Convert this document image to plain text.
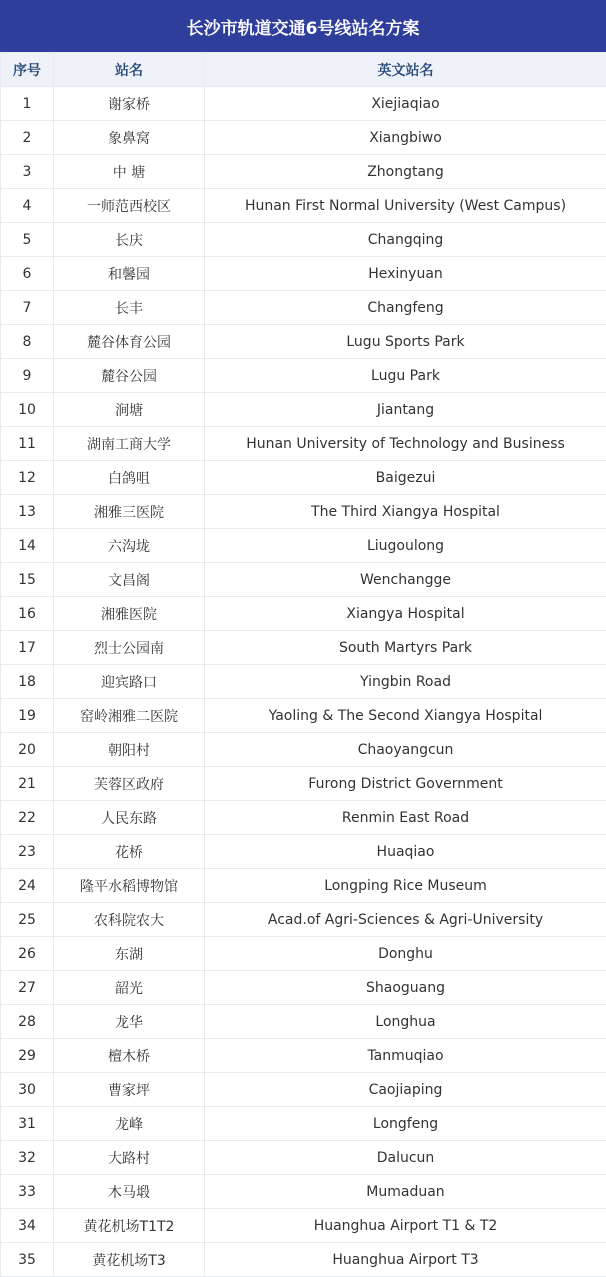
长沙市轨道交通6号线站名方案
序号	站名	英文站名
1	谢家桥	Xiejiaqiao
2	象鼻窝	Xiangbiwo
3	中 塘	Zhongtang
4	一师范西校区	Hunan First Normal University (West Campus)
5	长庆	Changqing
6	和馨园	Hexinyuan
7	长丰	Changfeng
8	麓谷体育公园	Lugu Sports Park
9	麓谷公园	Lugu Park
10	涧塘	Jiantang
11	湖南工商大学	Hunan University of Technology and Business
12	白鸽咀	Baigezui
13	湘雅三医院	The Third Xiangya Hospital
14	六沟垅	Liugoulong
15	文昌阁	Wenchangge
16	湘雅医院	Xiangya Hospital
17	烈士公园南	South Martyrs Park
18	迎宾路口	Yingbin Road
19	窑岭湘雅二医院	Yaoling & The Second Xiangya Hospital
20	朝阳村	Chaoyangcun
21	芙蓉区政府	Furong District Government
22	人民东路	Renmin East Road
23	花桥	Huaqiao
24	隆平水稻博物馆	Longping Rice Museum
25	农科院农大	Acad.of Agri-Sciences & Agri-University
26	东湖	Donghu
27	韶光	Shaoguang
28	龙华	Longhua
29	檀木桥	Tanmuqiao
30	曹家坪	Caojiaping
31	龙峰	Longfeng
32	大路村	Dalucun
33	木马塅	Mumaduan
34	黄花机场T1T2	Huanghua Airport T1 & T2
35	黄花机场T3	Huanghua Airport T3
